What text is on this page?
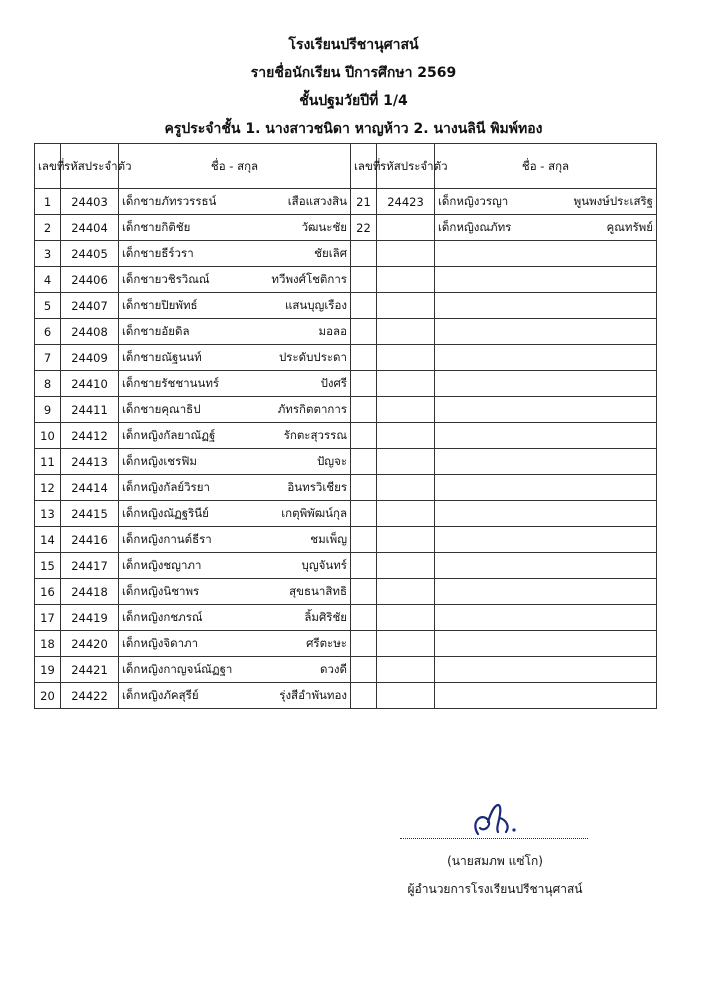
โรงเรียนปรีชานุศาสน์
รายชื่อนักเรียน ปีการศึกษา 2569
ชั้นปฐมวัยปีที่ 1/4
ครูประจำชั้น 1. นางสาวชนิดา หาญห้าว 2. นางนลินี พิมพ์ทอง
เลขที่	รหัสประจำตัว	ชื่อ - สกุล	เลขที่	รหัสประจำตัว	ชื่อ - สกุล
1	24403	เด็กชายภัทรวรรธน์ เสือแสวงสิน	21	24423	เด็กหญิงวรญา พูนพงษ์ประเสริฐ

2	24404	เด็กชายกิติชัย วัฒนะชัย	22		เด็กหญิงณภัทร คูณทรัพย์

3	24405	เด็กชายธีร์วรา ชัยเลิศ			

4	24406	เด็กชายวชิรวิณณ์ ทวีพงศ์โชติการ			

5	24407	เด็กชายปิยพัทธ์ แสนบุญเรือง			

6	24408	เด็กชายอัยดิล มอลอ			

7	24409	เด็กชายณัฐนนท์ ประดับประดา			

8	24410	เด็กชายรัชชานนทร์ ปังศรี			

9	24411	เด็กชายคุณาธิป ภัทรกิตตาการ			

10	24412	เด็กหญิงกัลยาณัฏฐ์ รักตะสุวรรณ			

11	24413	เด็กหญิงเชรฟิม ปัญจะ			

12	24414	เด็กหญิงกัลย์วิรยา อินทรวิเชียร			

13	24415	เด็กหญิงณัฏฐรินีย์ เกตุพิพัฒน์กุล			

14	24416	เด็กหญิงกานต์ธีรา ชมเพ็ญ			

15	24417	เด็กหญิงชญาภา บุญจันทร์			

16	24418	เด็กหญิงนิชาพร สุขธนาสิทธิ			

17	24419	เด็กหญิงกชภรณ์ ลิ้มศิริชัย			

18	24420	เด็กหญิงจิดาภา ศรีตะษะ			

19	24421	เด็กหญิงกาญจน์ณัฏฐา ดวงดี			

20	24422	เด็กหญิงภัคสุรีย์ รุ่งสีอำพันทอง			

(นายสมภพ แซ่โก)
ผู้อำนวยการโรงเรียนปรีชานุศาสน์
